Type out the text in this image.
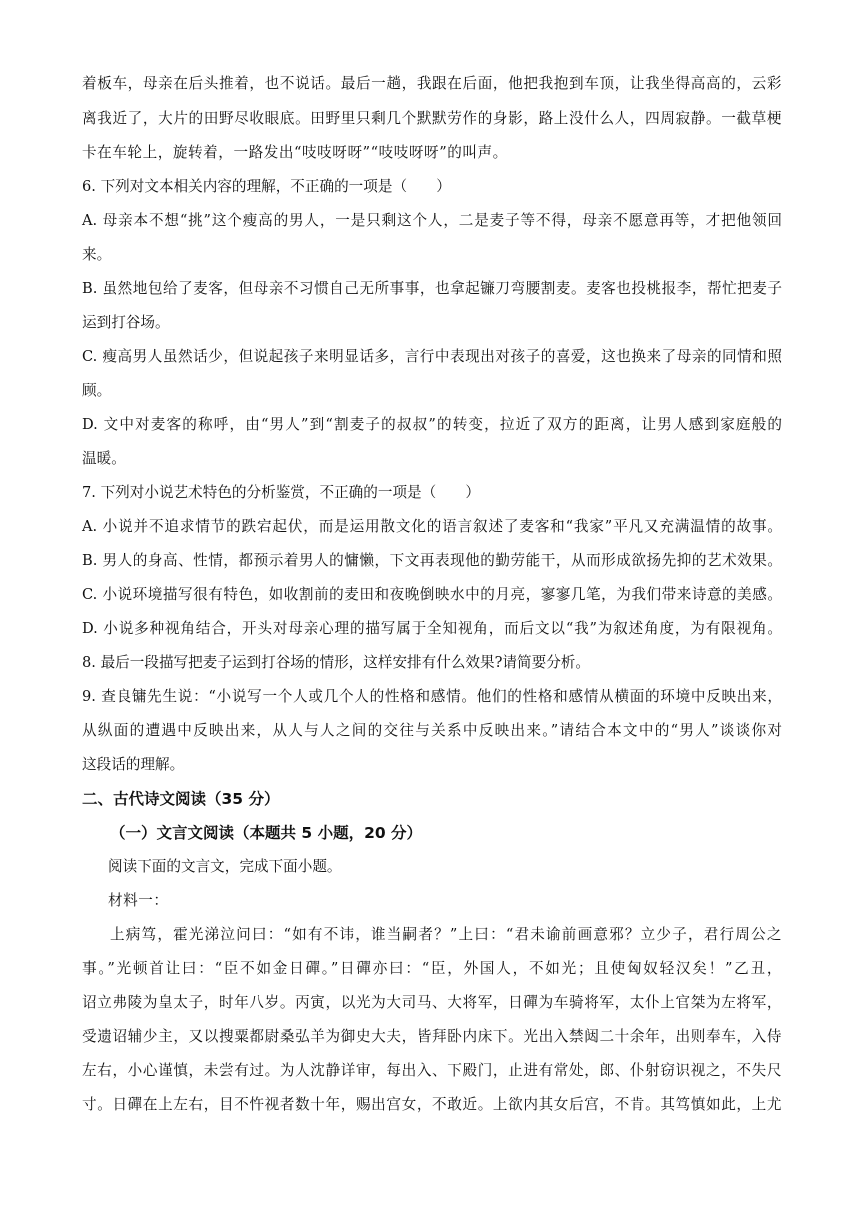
着板车，母亲在后头推着，也不说话。最后一趟，我跟在后面，他把我抱到车顶，让我坐得高高的，云彩
离我近了，大片的田野尽收眼底。田野里只剩几个默默劳作的身影，路上没什么人，四周寂静。一截草梗
卡在车轮上，旋转着，一路发出“吱吱呀呀”“吱吱呀呀”的叫声。
6. 下列对文本相关内容的理解，不正确的一项是（　　）
A. 母亲本不想“挑”这个瘦高的男人，一是只剩这个人，二是麦子等不得，母亲不愿意再等，才把他领回
来。
B. 虽然地包给了麦客，但母亲不习惯自己无所事事，也拿起镰刀弯腰割麦。麦客也投桃报李，帮忙把麦子
运到打谷场。
C. 瘦高男人虽然话少，但说起孩子来明显话多，言行中表现出对孩子的喜爱，这也换来了母亲的同情和照
顾。
D. 文中对麦客的称呼，由“男人”到“割麦子的叔叔”的转变，拉近了双方的距离，让男人感到家庭般的
温暖。
7. 下列对小说艺术特色的分析鉴赏，不正确的一项是（　　）
A. 小说并不追求情节的跌宕起伏，而是运用散文化的语言叙述了麦客和“我家”平凡又充满温情的故事。
B. 男人的身高、性情，都预示着男人的慵懒，下文再表现他的勤劳能干，从而形成欲扬先抑的艺术效果。
C. 小说环境描写很有特色，如收割前的麦田和夜晚倒映水中的月亮，寥寥几笔，为我们带来诗意的美感。
D. 小说多种视角结合，开头对母亲心理的描写属于全知视角，而后文以“我”为叙述角度，为有限视角。
8. 最后一段描写把麦子运到打谷场的情形，这样安排有什么效果?请简要分析。
9. 查良镛先生说：“小说写一个人或几个人的性格和感情。他们的性格和感情从横面的环境中反映出来，
从纵面的遭遇中反映出来，从人与人之间的交往与关系中反映出来。”请结合本文中的“男人”谈谈你对
这段话的理解。
二、古代诗文阅读（35 分）
（一）文言文阅读（本题共 5 小题，20 分）
阅读下面的文言文，完成下面小题。
材料一：
上病笃，霍光涕泣问曰：“如有不讳，谁当嗣者？”上曰：“君未谕前画意邪？立少子，君行周公之
事。”光顿首让曰：“臣不如金日磾。”日磾亦曰：“臣，外国人，不如光；且使匈奴轻汉矣！”乙丑，
诏立弗陵为皇太子，时年八岁。丙寅，以光为大司马、大将军，日磾为车骑将军，太仆上官桀为左将军，
受遗诏辅少主，又以搜粟都尉桑弘羊为御史大夫，皆拜卧内床下。光出入禁闼二十余年，出则奉车，入侍
左右，小心谨慎，未尝有过。为人沈静详审，每出入、下殿门，止进有常处，郎、仆射窃识视之，不失尺
寸。日磾在上左右，目不忤视者数十年，赐出宫女，不敢近。上欲内其女后宫，不肯。其笃慎如此，上尤
